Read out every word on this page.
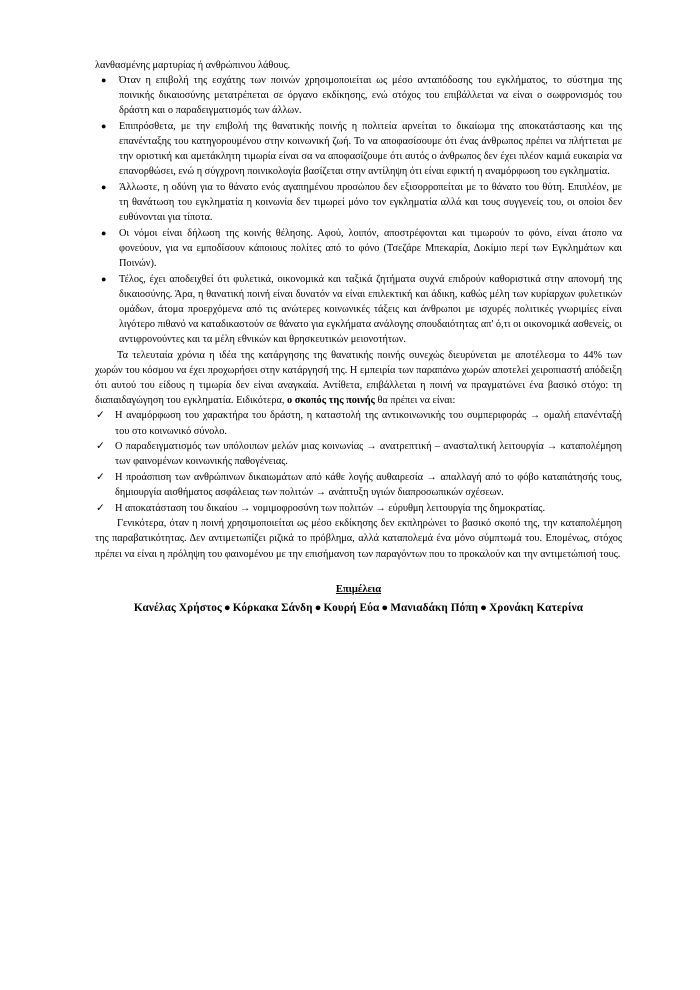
λανθασμένης μαρτυρίας ή ανθρώπινου λάθους.

● Όταν η επιβολή της εσχάτης των ποινών χρησιμοποιείται ως μέσο ανταπόδοσης του εγκλήματος, το σύστημα της ποινικής δικαιοσύνης μετατρέπεται σε όργανο εκδίκησης, ενώ στόχος του επιβάλλεται να είναι ο σωφρονισμός του δράστη και ο παραδειγματισμός των άλλων.
● Επιπρόσθετα, με την επιβολή της θανατικής ποινής η πολιτεία αρνείται το δικαίωμα της αποκατάστασης και της επανένταξης του κατηγορουμένου στην κοινωνική ζωή. Το να αποφασίσουμε ότι ένας άνθρωπος πρέπει να πλήττεται με την οριστική και αμετάκλητη τιμωρία είναι σα να αποφασίζουμε ότι αυτός ο άνθρωπος δεν έχει πλέον καμιά ευκαιρία να επανορθώσει, ενώ η σύγχρονη ποινικολογία βασίζεται στην αντίληψη ότι είναι εφικτή η αναμόρφωση του εγκληματία.
● Άλλωστε, η οδύνη για το θάνατο ενός αγαπημένου προσώπου δεν εξισορροπείται με το θάνατο του θύτη. Επιπλέον, με τη θανάτωση του εγκληματία η κοινωνία δεν τιμωρεί μόνο τον εγκληματία αλλά και τους συγγενείς του, οι οποίοι δεν ευθύνονται για τίποτα.
● Οι νόμοι είναι δήλωση της κοινής θέλησης. Αφού, λοιπόν, αποστρέφονται και τιμωρούν το φόνο, είναι άτοπο να φονεύουν, για να εμποδίσουν κάποιους πολίτες από το φόνο (Τσεζάρε Μπεκαρία, Δοκίμιο περί των Εγκλημάτων και Ποινών).
● Τέλος, έχει αποδειχθεί ότι φυλετικά, οικονομικά και ταξικά ζητήματα συχνά επιδρούν καθοριστικά στην απονομή της δικαιοσύνης. Άρα, η θανατική ποινή είναι δυνατόν να είναι επιλεκτική και άδικη, καθώς μέλη των κυρίαρχων φυλετικών ομάδων, άτομα προερχόμενα από τις ανώτερες κοινωνικές τάξεις και άνθρωποι με ισχυρές πολιτικές γνωριμίες είναι λιγότερο πιθανό να καταδικαστούν σε θάνατο για εγκλήματα ανάλογης σπουδαιότητας απ' ό,τι οι οικονομικά ασθενείς, οι αντιφρονούντες και τα μέλη εθνικών και θρησκευτικών μειονοτήτων.

Τα τελευταία χρόνια η ιδέα της κατάργησης της θανατικής ποινής συνεχώς διευρύνεται με αποτέλεσμα το 44% των χωρών του κόσμου να έχει προχωρήσει στην κατάργησή της. Η εμπειρία των παραπάνω χωρών αποτελεί χειροπιαστή απόδειξη ότι αυτού του είδους η τιμωρία δεν είναι αναγκαία. Αντίθετα, επιβάλλεται η ποινή να πραγματώνει ένα βασικό στόχο: τη διαπαιδαγώγηση του εγκληματία. Ειδικότερα, ο σκοπός της ποινής θα πρέπει να είναι:

✓ Η αναμόρφωση του χαρακτήρα του δράστη, η καταστολή της αντικοινωνικής του συμπεριφοράς → ομαλή επανένταξή του στο κοινωνικό σύνολο.
✓ Ο παραδειγματισμός των υπόλοιπων μελών μιας κοινωνίας → ανατρεπτική – ανασταλτική λειτουργία → καταπολέμηση των φαινομένων κοινωνικής παθογένειας.
✓ Η προάσπιση των ανθρώπινων δικαιωμάτων από κάθε λογής αυθαιρεσία → απαλλαγή από το φόβο καταπάτησής τους, δημιουργία αισθήματος ασφάλειας των πολιτών → ανάπτυξη υγιών διαπροσωπικών σχέσεων.
✓ Η αποκατάσταση του δικαίου → νομιμοφροσύνη των πολιτών → εύρυθμη λειτουργία της δημοκρατίας.

Γενικότερα, όταν η ποινή χρησιμοποιείται ως μέσο εκδίκησης δεν εκπληρώνει το βασικό σκοπό της, την καταπολέμηση της παραβατικότητας. Δεν αντιμετωπίζει ριζικά το πρόβλημα, αλλά καταπολεμά ένα μόνο σύμπτωμά του. Επομένως, στόχος πρέπει να είναι η πρόληψη του φαινομένου με την επισήμανση των παραγόντων που το προκαλούν και την αντιμετώπισή τους.

Επιμέλεια
Κανέλας Χρήστος ● Κόρκακα Σάνδη ● Κουρή Εύα ● Μανιαδάκη Πόπη ● Χρονάκη Κατερίνα
